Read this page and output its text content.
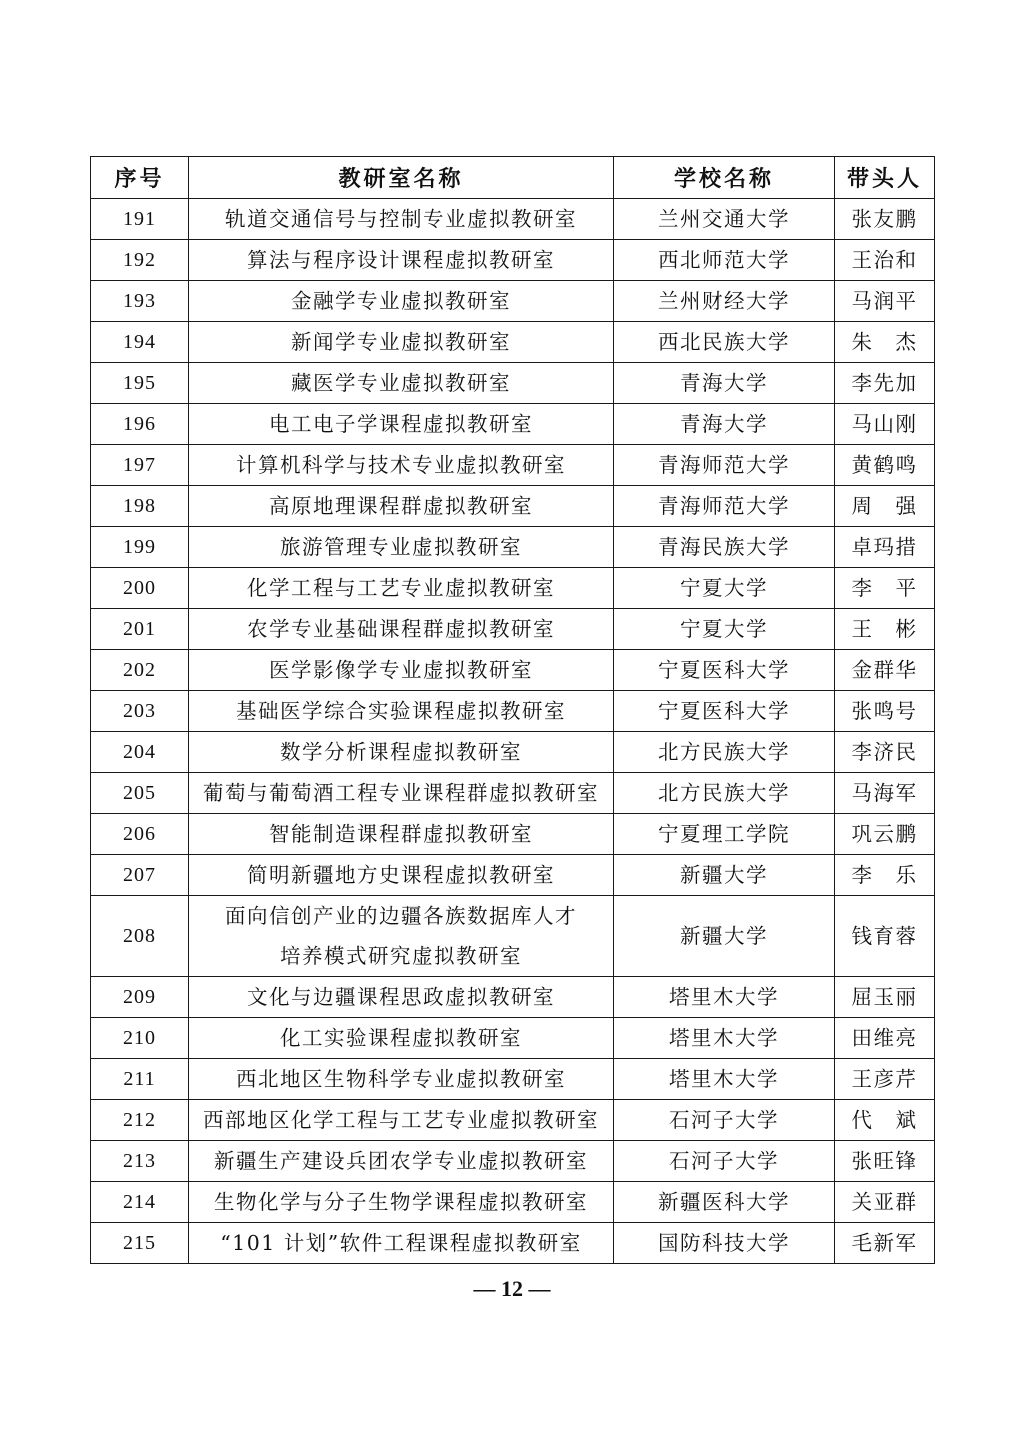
序号	教研室名称	学校名称	带头人

191	轨道交通信号与控制专业虚拟教研室	兰州交通大学	张友鹏

192	算法与程序设计课程虚拟教研室	西北师范大学	王治和

193	金融学专业虚拟教研室	兰州财经大学	马润平

194	新闻学专业虚拟教研室	西北民族大学	朱　杰

195	藏医学专业虚拟教研室	青海大学	李先加

196	电工电子学课程虚拟教研室	青海大学	马山刚

197	计算机科学与技术专业虚拟教研室	青海师范大学	黄鹤鸣

198	高原地理课程群虚拟教研室	青海师范大学	周　强

199	旅游管理专业虚拟教研室	青海民族大学	卓玛措

200	化学工程与工艺专业虚拟教研室	宁夏大学	李　平

201	农学专业基础课程群虚拟教研室	宁夏大学	王　彬

202	医学影像学专业虚拟教研室	宁夏医科大学	金群华

203	基础医学综合实验课程虚拟教研室	宁夏医科大学	张鸣号

204	数学分析课程虚拟教研室	北方民族大学	李济民

205	葡萄与葡萄酒工程专业课程群虚拟教研室	北方民族大学	马海军

206	智能制造课程群虚拟教研室	宁夏理工学院	巩云鹏

207	简明新疆地方史课程虚拟教研室	新疆大学	李　乐

208	面向信创产业的边疆各族数据库人才
培养模式研究虚拟教研室	新疆大学	钱育蓉

209	文化与边疆课程思政虚拟教研室	塔里木大学	屈玉丽

210	化工实验课程虚拟教研室	塔里木大学	田维亮

211	西北地区生物科学专业虚拟教研室	塔里木大学	王彦芹

212	西部地区化学工程与工艺专业虚拟教研室	石河子大学	代　斌

213	新疆生产建设兵团农学专业虚拟教研室	石河子大学	张旺锋

214	生物化学与分子生物学课程虚拟教研室	新疆医科大学	关亚群

215	“101 计划”软件工程课程虚拟教研室	国防科技大学	毛新军
— 12 —
